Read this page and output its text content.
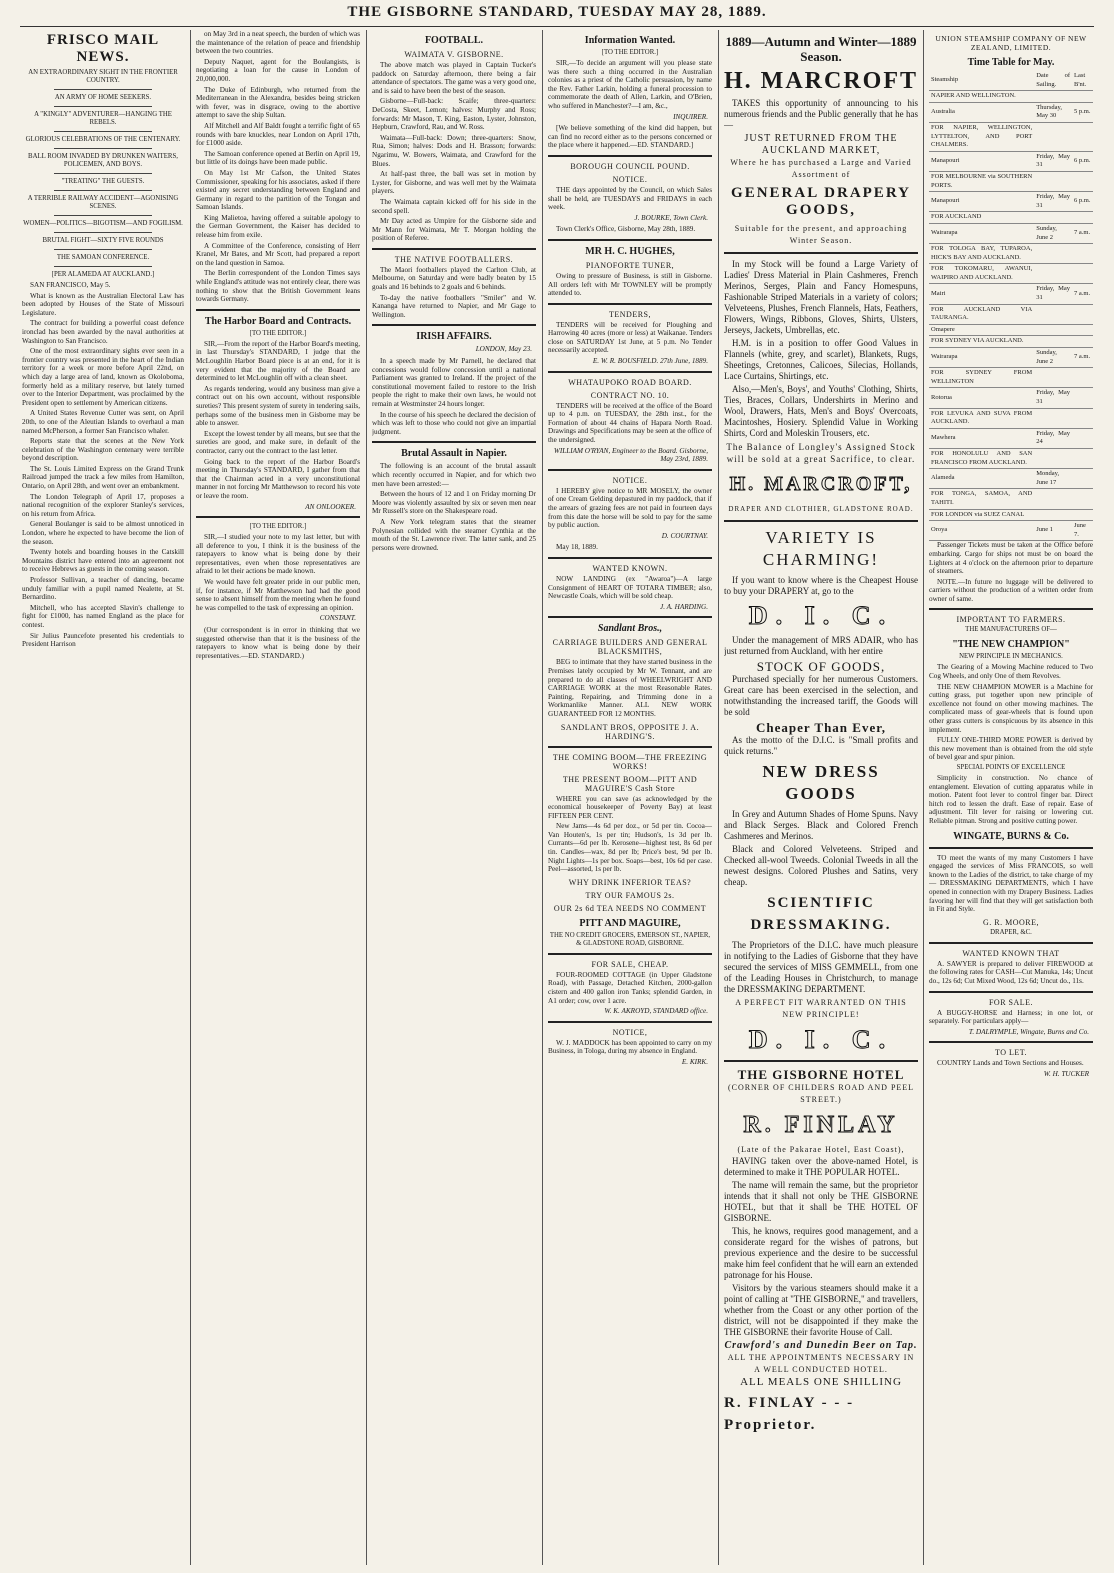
THE GISBORNE STANDARD, TUESDAY MAY 28, 1889.
FRISCO MAIL NEWS.
AN EXTRAORDINARY SIGHT IN THE FRONTIER COUNTRY.
AN ARMY OF HOME SEEKERS.
A "KINGLY" ADVENTURER—HANGING THE REBELS.
GLORIOUS CELEBRATIONS OF THE CENTENARY.
BALL ROOM INVADED BY DRUNKEN WAITERS, POLICEMEN, AND BOYS.
"TREATING" THE GUESTS.
A TERRIBLE RAILWAY ACCIDENT—AGONISING SCENES.
WOMEN—POLITICS—BIGOTISM—AND FOGILISM.
BRUTAL FIGHT—SIXTY FIVE ROUNDS
THE SAMOAN CONFERENCE.
[PER ALAMEDA AT AUCKLAND.]

SAN FRANCISCO, May 5.

What is known as the Australian Electoral Law has been adopted by Houses of the State of Missouri Legislature.

The contract for building a powerful coast defence ironclad has been awarded by the naval authorities at Washington to San Francisco.

One of the most extraordinary sights ever seen in a frontier country was presented in the heart of the Indian territory for a week or more before April 22nd, on which day a large area of land, known as Okoloboma, formerly held as a military reserve, but lately turned over to the Interior Department, was proclaimed by the President open to settlement by American citizens.

A United States Revenue Cutter was sent, on April 20th, to one of the Aleutian Islands to overhaul a man named McPherson, a former San Francisco whaler.

Reports state that the scenes at the New York celebration of the Washington centenary were terrible beyond description.

The St. Louis Limited Express on the Grand Trunk Railroad jumped the track a few miles from Hamilton, Ontario, on April 28th, and went over an embankment.

The London Telegraph of April 17, proposes a national recognition of the explorer Stanley's services, on his return from Africa.

General Boulanger is said to be almost unnoticed in London, where he expected to have become the lion of the season.

Twenty hotels and boarding houses in the Catskill Mountains district have entered into an agreement not to receive Hebrews as guests in the coming season.

Professor Sullivan, a teacher of dancing, became unduly familiar with a pupil named Nealette, at St. Bernardino.

Mitchell, who has accepted Slavin's challenge to fight for £1000, has named England as the place for contest.

Sir Julius Pauncefote presented his credentials to President Harrison

on May 3rd in a neat speech, the burden of which was the maintenance of the relation of peace and friendship between the two countries.

Deputy Naquet, agent for the Boulangists, is negotiating a loan for the cause in London of 20,000,000.

The Duke of Edinburgh, who returned from the Mediterranean in the Alexandra, besides being stricken with fever, was in disgrace, owing to the abortive attempt to save the ship Sultan.

Alf Mitchell and Alf Baldt fought a terrific fight of 65 rounds with bare knuckles, near London on April 17th, for £1000 aside.

The Samoan conference opened at Berlin on April 19, but little of its doings have been made public.

On May 1st Mr Cafson, the United States Commissioner, speaking for his associates, asked if there existed any secret understanding between England and Germany in regard to the partition of the Tongan and Samoan Islands.

King Malietoa, having offered a suitable apology to the German Government, the Kaiser has decided to release him from exile.

A Committee of the Conference, consisting of Herr Kranel, Mr Bates, and Mr Scott, had prepared a report on the land question in Samoa.

The Berlin correspondent of the London Times says while England's attitude was not entirely clear, there was nothing to show that the British Government leans towards Germany.

The Harbor Board and Contracts.
[TO THE EDITOR.]

SIR,—From the report of the Harbor Board's meeting, in last Thursday's STANDARD, I judge that the McLoughlin Harbor Board piece is at an end, for it is very evident that the majority of the Board are determined to let McLoughlin off with a clean sheet.

As regards tendering, would any business man give a contract out on his own account, without responsible sureties? This present system of surety in tendering sails, perhaps some of the business men in Gisborne may be able to answer.

Except the lowest tender by all means, but see that the sureties are good, and make sure, in default of the contractor, carry out the contract to the last letter.

Going back to the report of the Harbor Board's meeting in Thursday's STANDARD, I gather from that that the Chairman acted in a very unconstitutional manner in not forcing Mr Matthewson to record his vote or leave the room.

AN ONLOOKER.
[TO THE EDITOR.]

SIR,—I studied your note to my last letter, but with all deference to you, I think it is the business of the ratepayers to know what is being done by their representatives, even when those representatives are afraid to let their actions be made known.

We would have felt greater pride in our public men, if, for instance, if Mr Matthewson had had the good sense to absent himself from the meeting when he found he was compelled to the task of expressing an opinion.

CONSTANT.

(Our correspondent is in error in thinking that we suggested otherwise than that it is the business of the ratepayers to know what is being done by their representatives.—ED. STANDARD.)

FOOTBALL.
WAIMATA V. GISBORNE.

The above match was played in Captain Tucker's paddock on Saturday afternoon, there being a fair attendance of spectators. The game was a very good one, and is said to have been the best of the season.

Gisborne—Full-back: Scaife; three-quarters: DeCosta, Skeet, Lemon; halves: Murphy and Ross; forwards: Mr Mason, T. King, Easton, Lyster, Johnston, Hepburn, Crawford, Rau, and W. Ross.

Waimata—Full-back: Down; three-quarters: Snow, Rua, Simon; halves: Dods and H. Brasson; forwards: Ngarimu, W. Bowers, Waimata, and Crawford for the Blues.

At half-past three, the ball was set in motion by Lyster, for Gisborne, and was well met by the Waimata players.

The Waimata captain kicked off for his side in the second spell.

Mr Day acted as Umpire for the Gisborne side and Mr Mann for Waimata, Mr T. Morgan holding the position of Referee.

THE NATIVE FOOTBALLERS.

The Maori footballers played the Carlton Club, at Melbourne, on Saturday and were badly beaten by 15 goals and 16 behinds to 2 goals and 6 behinds.

To-day the native footballers "Smiler" and W. Kananga have returned to Napier, and Mr Gage to Wellington.

IRISH AFFAIRS.
LONDON, May 23.

In a speech made by Mr Parnell, he declared that concessions would follow concession until a national Parliament was granted to Ireland. If the project of the constitutional movement failed to restore to the Irish people the right to make their own laws, he would not remain at Westminster 24 hours longer.

In the course of his speech he declared the decision of which was left to those who could not give an impartial judgment.

Brutal Assault in Napier.

The following is an account of the brutal assault which recently occurred in Napier, and for which two men have been arrested:—

Between the hours of 12 and 1 on Friday morning Dr Moore was violently assaulted by six or seven men near Mr Russell's store on the Shakespeare road.

A New York telegram states that the steamer Polynesian collided with the steamer Cynthia at the mouth of the St. Lawrence river. The latter sank, and 25 persons were drowned.

Information Wanted.
[TO THE EDITOR.]

SIR,—To decide an argument will you please state was there such a thing occurred in the Australian colonies as a priest of the Catholic persuasion, by name the Rev. Father Larkin, holding a funeral procession to commemorate the death of Allen, Larkin, and O'Brien, who suffered in Manchester?—I am, &c.,

INQUIRER.

[We believe something of the kind did happen, but can find no record either as to the persons concerned or the place where it happened.—ED. STANDARD.]

BOROUGH COUNCIL POUND.
NOTICE.

THE days appointed by the Council, on which Sales shall be held, are TUESDAYS and FRIDAYS in each week.

J. BOURKE, Town Clerk.

Town Clerk's Office, Gisborne, May 28th, 1889.

MR H. C. HUGHES,
PIANOFORTE TUNER,

Owing to pressure of Business, is still in Gisborne. All orders left with Mr TOWNLEY will be promptly attended to.

TENDERS,

TENDERS will be received for Ploughing and Harrowing 40 acres (more or less) at Waikanae. Tenders close on SATURDAY 1st June, at 5 p.m. No Tender necessarily accepted.

E. W. R. BOUSFIELD. 27th June, 1889.
WHATAUPOKO ROAD BOARD.
CONTRACT NO. 10.

TENDERS will be received at the office of the Board up to 4 p.m. on TUESDAY, the 28th inst., for the Formation of about 44 chains of Hapara North Road. Drawings and Specifications may be seen at the office of the undersigned.

WILLIAM O'RYAN, Engineer to the Board. Gisborne, May 23rd, 1889.
NOTICE.

I HEREBY give notice to MR MOSELY, the owner of one Cream Gelding depastured in my paddock, that if the arrears of grazing fees are not paid in fourteen days from this date the horse will be sold to pay for the same by public auction.

D. COURTNAY.

May 18, 1889.

WANTED KNOWN.

NOW LANDING (ex "Awaroa")—A large Consignment of HEART OF TOTARA TIMBER; also, Newcastle Coals, which will be sold cheap.

J. A. HARDING.
Sandlant Bros.,
CARRIAGE BUILDERS AND GENERAL BLACKSMITHS,

BEG to intimate that they have started business in the Premises lately occupied by Mr W. Tennant, and are prepared to do all classes of WHEELWRIGHT AND CARRIAGE WORK at the most Reasonable Rates. Painting, Repairing, and Trimming done in a Workmanlike Manner. ALL NEW WORK GUARANTEED FOR 12 MONTHS.

SANDLANT BROS, OPPOSITE J. A. HARDING'S.
THE COMING BOOM—THE FREEZING WORKS!
THE PRESENT BOOM—PITT AND MAGUIRE'S Cash Store

WHERE you can save (as acknowledged by the economical housekeeper of Poverty Bay) at least FIFTEEN PER CENT.

New Jams—4s 6d per doz., or 5d per tin. Cocoa—Van Houten's, 1s per tin; Hudson's, 1s 3d per lb. Currants—6d per lb. Kerosene—highest test, 8s 6d per tin. Candles—wax, 8d per lb; Price's best, 9d per lb. Night Lights—1s per box. Soaps—best, 10s 6d per case. Peel—assorted, 1s per lb.

WHY DRINK INFERIOR TEAS?
TRY OUR FAMOUS 2s.
OUR 2s 6d TEA NEEDS NO COMMENT
PITT AND MAGUIRE,
THE NO CREDIT GROCERS, EMERSON ST., NAPIER, & GLADSTONE ROAD, GISBORNE.
FOR SALE, CHEAP.

FOUR-ROOMED COTTAGE (in Upper Gladstone Road), with Passage, Detached Kitchen, 2000-gallon cistern and 400 gallon iron Tanks; splendid Garden, in A1 order; cow, over 1 acre.

W. K. AKROYD, STANDARD office.
NOTICE,

W. J. MADDOCK has been appointed to carry on my Business, in Tologa, during my absence in England.

E. KIRK.
1889—Autumn and Winter—1889 Season.
H. MARCROFT

TAKES this opportunity of announcing to his numerous friends and the Public generally that he has—

JUST RETURNED FROM THE AUCKLAND MARKET,
Where he has purchased a Large and Varied Assortment of
GENERAL DRAPERY GOODS,
Suitable for the present, and approaching Winter Season.

In my Stock will be found a Large Variety of Ladies' Dress Material in Plain Cashmeres, French Merinos, Serges, Plain and Fancy Homespuns, Fashionable Striped Materials in a variety of colors; Velveteens, Plushes, French Flannels, Hats, Feathers, Flowers, Wings, Ribbons, Gloves, Shirts, Ulsters, Jerseys, Jackets, Umbrellas, etc.

H.M. is in a position to offer Good Values in Flannels (white, grey, and scarlet), Blankets, Rugs, Sheetings, Cretonnes, Calicoes, Silecias, Hollands, Lace Curtains, Shirtings, etc.

Also,—Men's, Boys', and Youths' Clothing, Shirts, Ties, Braces, Collars, Undershirts in Merino and Wool, Drawers, Hats, Men's and Boys' Overcoats, Macintoshes, Hosiery. Splendid Value in Working Shirts, Cord and Moleskin Trousers, etc.

The Balance of Longley's Assigned Stock will be sold at a great Sacrifice, to clear.
H. MARCROFT,
DRAPER AND CLOTHIER, GLADSTONE ROAD.
VARIETY IS CHARMING!

If you want to know where is the Cheapest House to buy your DRAPERY at, go to the

D. I. C.

Under the management of MRS ADAIR, who has just returned from Auckland, with her entire

STOCK OF GOODS,

Purchased specially for her numerous Customers. Great care has been exercised in the selection, and notwithstanding the increased tariff, the Goods will be sold

Cheaper Than Ever,

As the motto of the D.I.C. is "Small profits and quick returns."

NEW DRESS GOODS

In Grey and Autumn Shades of Home Spuns. Navy and Black Serges. Black and Colored French Cashmeres and Merinos.

Black and Colored Velveteens. Striped and Checked all-wool Tweeds. Colonial Tweeds in all the newest designs. Colored Plushes and Satins, very cheap.

SCIENTIFIC DRESSMAKING.

The Proprietors of the D.I.C. have much pleasure in notifying to the Ladies of Gisborne that they have secured the services of MISS GEMMELL, from one of the Leading Houses in Christchurch, to manage the DRESSMAKING DEPARTMENT.

A PERFECT FIT WARRANTED ON THIS NEW PRINCIPLE!
D. I. C.
THE GISBORNE HOTEL
(CORNER OF CHILDERS ROAD AND PEEL STREET.)
R. FINLAY
(Late of the Pakarae Hotel, East Coast),

HAVING taken over the above-named Hotel, is determined to make it THE POPULAR HOTEL.

The name will remain the same, but the proprietor intends that it shall not only be THE GISBORNE HOTEL, but that it shall be THE HOTEL OF GISBORNE.

This, he knows, requires good management, and a considerate regard for the wishes of patrons, but previous experience and the desire to be successful make him feel confident that he will earn an extended patronage for his House.

Visitors by the various steamers should make it a point of calling at "THE GISBORNE," and travellers, whether from the Coast or any other portion of the district, will not be disappointed if they make the THE GISBORNE their favorite House of Call.

Crawford's and Dunedin Beer on Tap.
ALL THE APPOINTMENTS NECESSARY IN A WELL CONDUCTED HOTEL.
ALL MEALS ONE SHILLING
R. FINLAY - - - Proprietor.
UNION STEAMSHIP COMPANY OF NEW ZEALAND, LIMITED.
Time Table for May.
Steamship	Date of Sailing.	Last B'nt.
NAPIER AND WELLINGTON.		
Australia	Thursday, May 30	5 p.m.
FOR NAPIER, WELLINGTON, LYTTELTON, AND PORT CHALMERS.		
Manapouri	Friday, May 31	6 p.m.
FOR MELBOURNE via SOUTHERN PORTS.		
Manapouri	Friday, May 31	6 p.m.
FOR AUCKLAND		
Wairarapa	Sunday, June 2	7 a.m.
FOR TOLOGA BAY, TUPAROA, HICK'S BAY AND AUCKLAND.		
FOR TOKOMARU, AWANUI, WAIPIRO AND AUCKLAND.		
Mairi	Friday, May 31	7 a.m.
FOR AUCKLAND VIA TAURANGA.		
Omapere		
FOR SYDNEY VIA AUCKLAND.		
Wairarapa	Sunday, June 2	7 a.m.
FOR SYDNEY FROM WELLINGTON		
Rotorua	Friday, May 31	
FOR LEVUKA AND SUVA FROM AUCKLAND.		
Mawhera	Friday, May 24	
FOR HONOLULU AND SAN FRANCISCO FROM AUCKLAND.		
Alameda	Monday, June 17	
FOR TONGA, SAMOA, AND TAHITI.		
FOR LONDON via SUEZ CANAL		
Oroya	June 1	June 7.

Passenger Tickets must be taken at the Office before embarking. Cargo for ships not must be on board the Lighters at 4 o'clock on the afternoon prior to departure of steamers.

NOTE.—In future no luggage will be delivered to carriers without the production of a written order from owner of same.

IMPORTANT TO FARMERS.
THE MANUFACTURERS OF—
"THE NEW CHAMPION"
NEW PRINCIPLE IN MECHANICS.

The Gearing of a Mowing Machine reduced to Two Cog Wheels, and only One of them Revolves.

THE NEW CHAMPION MOWER is a Machine for cutting grass, put together upon new principle of excellence not found on other mowing machines. The complicated mass of gear-wheels that is found upon other grass cutters is conspicuous by its absence in this implement.

FULLY ONE-THIRD MORE POWER is derived by this new movement than is obtained from the old style of bevel gear and spur pinion.

SPECIAL POINTS OF EXCELLENCE

Simplicity in construction. No chance of entanglement. Elevation of cutting apparatus while in motion. Patent foot lever to control finger bar. Direct hitch rod to lessen the draft. Ease of repair. Ease of adjustment. Tilt lever for raising or lowering cut. Reliable pitman. Strong and positive cutting power.

WINGATE, BURNS & Co.

TO meet the wants of my many Customers I have engaged the services of Miss FRANCOIS, so well known to the Ladies of the district, to take charge of my— DRESSMAKING DEPARTMENTS, which I have opened in connection with my Drapery Business. Ladies favoring her will find that they will get satisfaction both in Fit and Style.

G. R. MOORE,
DRAPER, &C.
WANTED KNOWN THAT

A. SAWYER is prepared to deliver FIREWOOD at the following rates for CASH—Cut Manuka, 14s; Uncut do., 12s 6d; Cut Mixed Wood, 12s 6d; Uncut do., 11s.

FOR SALE.

A BUGGY-HORSE and Harness; in one lot, or separately. For particulars apply—

T. DALRYMPLE, Wingate, Burns and Co.
TO LET.

COUNTRY Lands and Town Sections and Houses.

W. H. TUCKER
